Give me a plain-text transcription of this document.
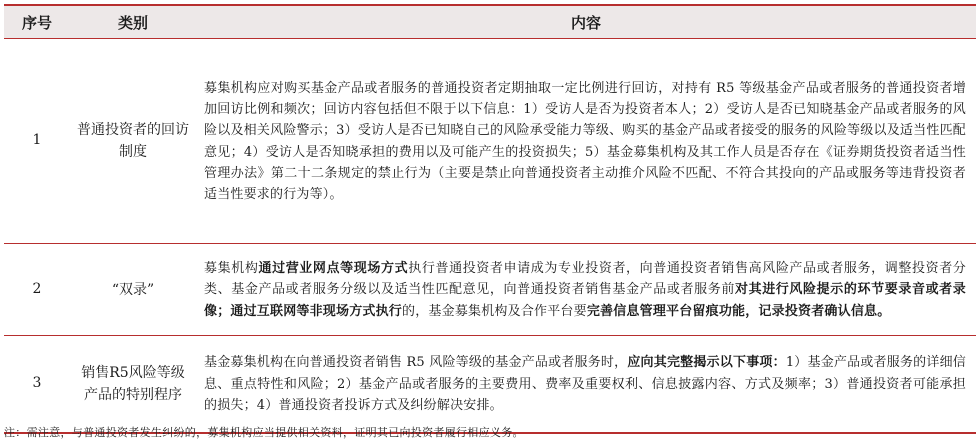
序号	类别	内容
1	普通投资者的回访制度	募集机构应对购买基金产品或者服务的普通投资者定期抽取一定比例进行回访，对持有 R5 等级基金产品或者服务的普通投资者增加回访比例和频次；回访内容包括但不限于以下信息：1）受访人是否为投资者本人；2）受访人是否已知晓基金产品或者服务的风险以及相关风险警示；3）受访人是否已知晓自己的风险承受能力等级、购买的基金产品或者接受的服务的风险等级以及适当性匹配意见；4）受访人是否知晓承担的费用以及可能产生的投资损失；5）基金募集机构及其工作人员是否存在《证券期货投资者适当性管理办法》第二十二条规定的禁止行为（主要是禁止向普通投资者主动推介风险不匹配、不符合其投向的产品或服务等违背投资者适当性要求的行为等）。
2	“双录”	募集机构通过营业网点等现场方式执行普通投资者申请成为专业投资者，向普通投资者销售高风险产品或者服务，调整投资者分类、基金产品或者服务分级以及适当性匹配意见，向普通投资者销售基金产品或者服务前对其进行风险提示的环节要录音或者录像；通过互联网等非现场方式执行的，基金募集机构及合作平台要完善信息管理平台留痕功能，记录投资者确认信息。
3	销售R5风险等级产品的特别程序	基金募集机构在向普通投资者销售 R5 风险等级的基金产品或者服务时，应向其完整揭示以下事项：1）基金产品或者服务的详细信息、重点特性和风险；2）基金产品或者服务的主要费用、费率及重要权利、信息披露内容、方式及频率；3）普通投资者可能承担的损失；4）普通投资者投诉方式及纠纷解决安排。
注：需注意，与普通投资者发生纠纷的，募集机构应当提供相关资料，证明其已向投资者履行相应义务。
